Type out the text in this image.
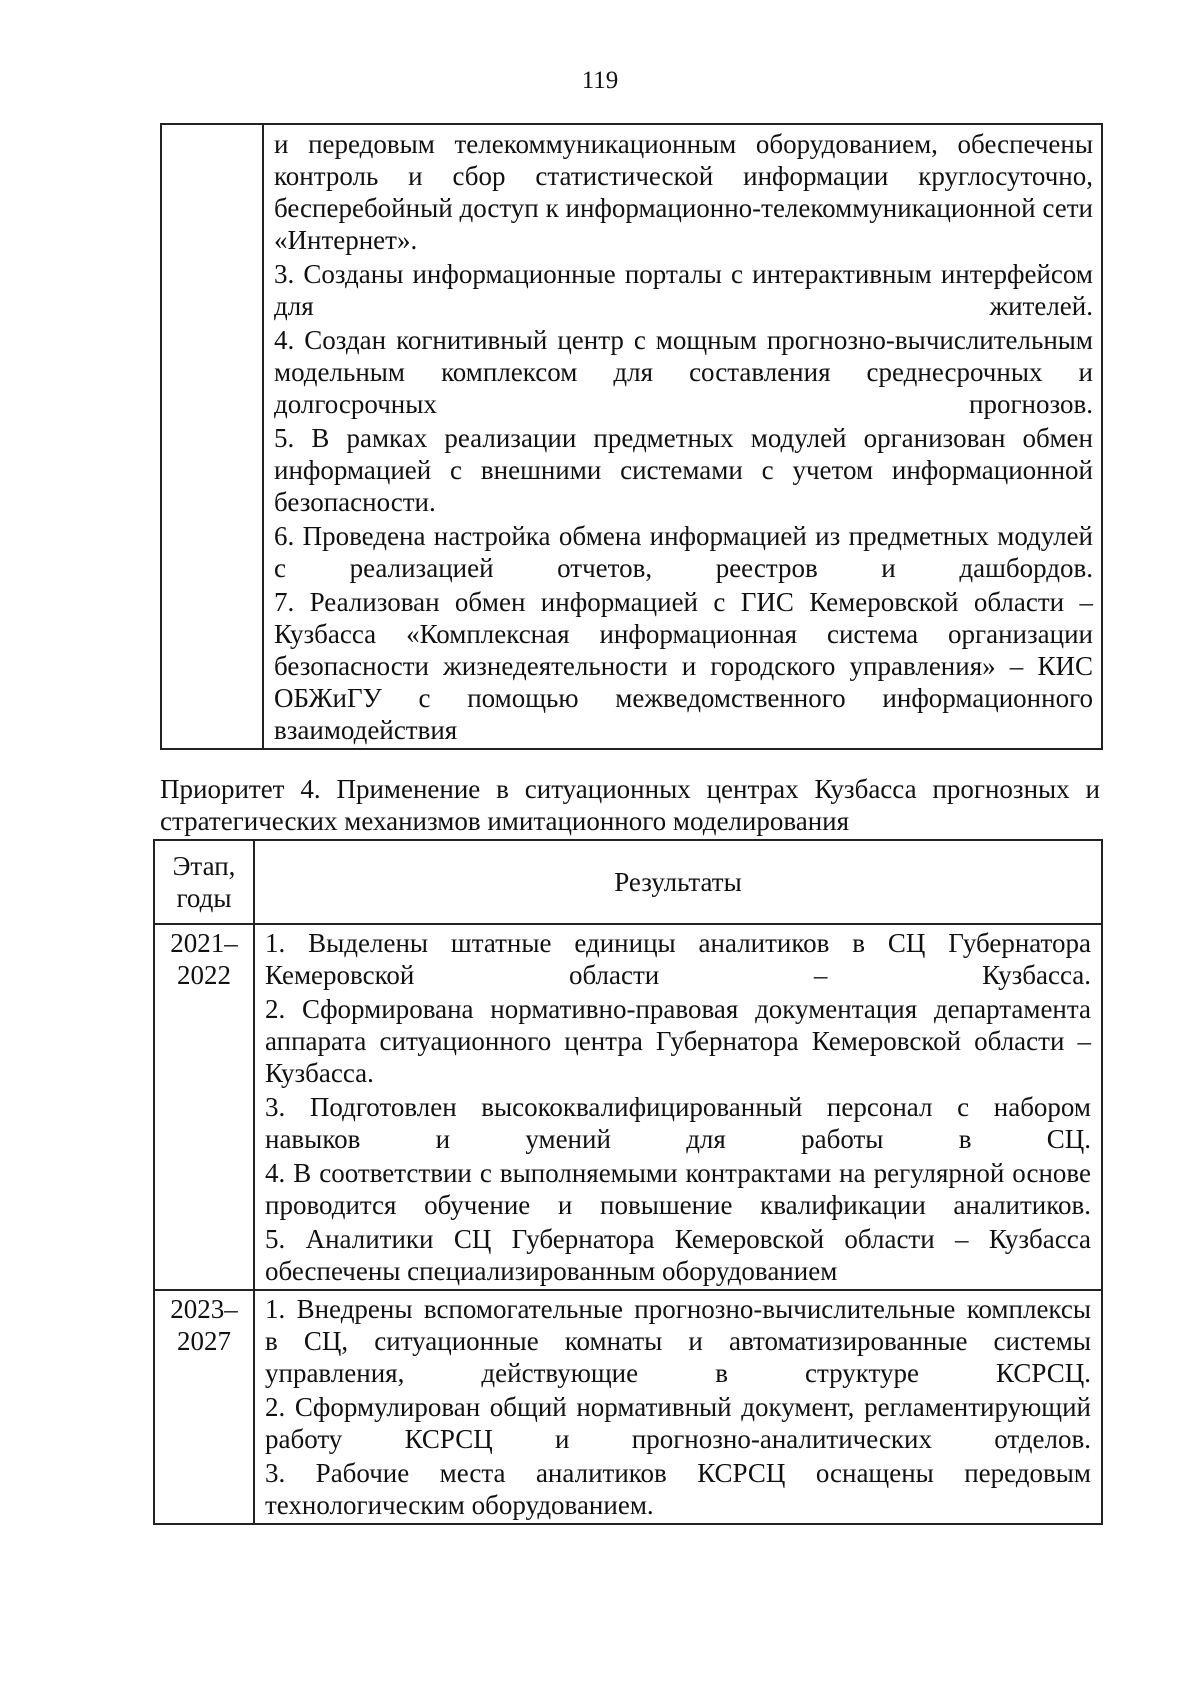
119

и передовым телекоммуникационным оборудованием, обеспечены контроль и сбор статистической информации круглосуточно, бесперебойный доступ к информационно-телекоммуникационной сети «Интернет».
3. Созданы информационные порталы с интерактивным интерфейсом для жителей.
4. Создан когнитивный центр с мощным прогнозно-вычислительным модельным комплексом для составления среднесрочных и долгосрочных прогнозов.
5. В рамках реализации предметных модулей организован обмен информацией с внешними системами с учетом информационной безопасности.
6. Проведена настройка обмена информацией из предметных модулей с реализацией отчетов, реестров и дашбордов.
7. Реализован обмен информацией с ГИС Кемеровской области – Кузбасса «Комплексная информационная система организации безопасности жизнедеятельности и городского управления» – КИС ОБЖиГУ с помощью межведомственного информационного взаимодействия
Приоритет 4. Применение в ситуационных центрах Кузбасса прогнозных и стратегических механизмов имитационного моделирования
Этап, годы	Результаты
2021– 2022	1. Выделены штатные единицы аналитиков в СЦ Губернатора Кемеровской области – Кузбасса.
2. Сформирована нормативно-правовая документация департамента аппарата ситуационного центра Губернатора Кемеровской области – Кузбасса.
3. Подготовлен высококвалифицированный персонал с набором навыков и умений для работы в СЦ.
4. В соответствии с выполняемыми контрактами на регулярной основе проводится обучение и повышение квалификации аналитиков.
5. Аналитики СЦ Губернатора Кемеровской области – Кузбасса обеспечены специализированным оборудованием

2023– 2027	1. Внедрены вспомогательные прогнозно-вычислительные комплексы в СЦ, ситуационные комнаты и автоматизированные системы управления, действующие в структуре КСРСЦ.
2. Сформулирован общий нормативный документ, регламентирующий работу КСРСЦ и прогнозно-аналитических отделов.
3. Рабочие места аналитиков КСРСЦ оснащены передовым технологическим оборудованием.
